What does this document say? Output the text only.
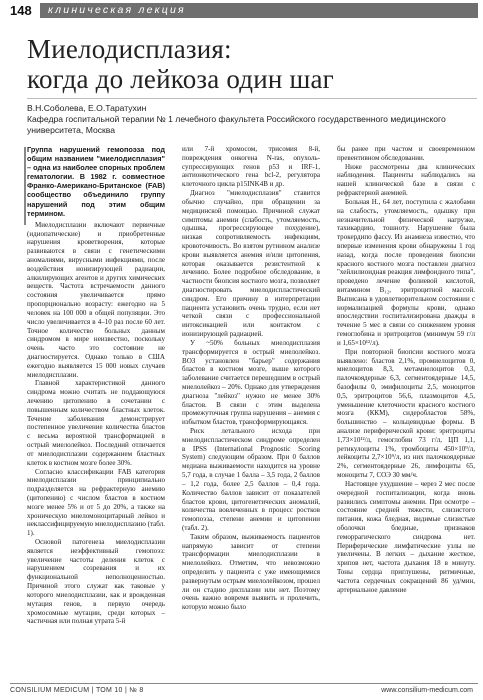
148	клиническая лекция
Миелодисплазия:
когда до лейкоза один шаг
В.Н.Соболева, Е.О.Таратухин
Кафедра госпитальной терапии № 1 лечебного факультета Российского государственного медицинского университета, Москва
Группа нарушений гемопоэза под общим названием "миелодисплазия" – одна из наиболее спорных проблем гематологии. В 1982 г. совместное Франко-Американо-Британское (FAB) сообщество объединило группу нарушений под этим общим термином.

Миелодисплазии включают первичные (идиопатические) и приобретенные нарушения кроветворения, которые развиваются в связи с генетическими аномалиями, вирусными инфекциями, после воздействия ионизирующей радиации, алкилирующих агентов и других химических веществ. Частота встречаемости данного состояния увеличивается прямо пропорционально возрасту: ежегодно на 5 человек на 100 000 в общей популяции. Это число увеличивается в 4–10 раз после 60 лет. Точное количество больных данным синдромом в мире неизвестно, поскольку очень часто это состояние не диагностируется. Однако только в США ежегодно выявляется 15 000 новых случаев миелодисплазии.

Главной характеристикой данного синдрома можно считать не поддающуюся лечению цитопению в сочетании с повышенным количеством бластных клеток. Течение заболевания демонстрирует постепенное увеличение количества бластов с весьма вероятной трансформацией в острый миелолейкоз. Последний отличается от миелодисплазии содержанием бластных клеток в костном мозге более 30%.

Согласно классификации FAB категория миелодисплазии принципиально подразделяется на рефрактерную анемию (цитопению) с числом бластов в костном мозге менее 5% и от 5 до 20%, а также на хроническую миеломоноцитарный лейкоз и неклассифицируемую миелодисплазию (табл. 1).

Основой патогенеза миелодисплазии является неэффективный гемопоэз: увеличение частоты деления клеток с нарушением созревания и их функциональной неполноценностью. Причиной этого служат как таковые у которого миелодисплазии, как и врожденная мутация генов, в первую очередь хромосомные мутации, среди которых – частичная или полная утрата 5-й

или 7-й хромосом, трисомия 8-й, повреждения онкогена N-ras, опухоль-супрессирующих генов p53 и IRF-1, антионкотического гена bcl-2, регулятора клеточного цикла p15INK4B и др.

Диагноз "миелодисплазия" ставится обычно случайно, при обращении за медицинской помощью. Причиной служат симптомы анемии (слабость, утомляемость, одышка, прогрессирующее похудение), низкая сопротивляемость инфекциям, кровоточивость. Во взятом рутинном анализе крови выявляется анемия и/или цитопения, которая оказывается резистентной к лечению. Более подробное обследование, в частности биопсия костного мозга, позволяет диагностировать миелодиспластический синдром. Его причину в интерпретации пациента установить очень трудно, если нет четкой связи с профессиональной интоксикацией или контактом с ионизирующей радиацией.

У ~50% больных миелодисплазия трансформируется в острый миелолейкоз. ВОЗ установлен "барьер" содержания бластов в костном мозге, выше которого заболевание считается перешедшим в острый миелолейкоз – 20%. Однако для утверждения диагноза "лейкоз" нужно не менее 30% бластов. В связи с этим выделена промежуточная группа нарушения – анемия с избытком бластов, трансформирующаяся.

Риск летального исхода при миелодиспластическом синдроме определен в IPSS (International Prognostic Scoring System) следующим образом. При 0 баллов медиана выживаемости находится на уровне 5,7 года, в случае 1 балла – 3,5 года, 2 баллов – 1,2 года, более 2,5 баллов – 0,4 года. Количество баллов зависит от показателей бластов крови, цитогенетических аномалий, количества вовлеченных в процесс ростков гемопоэза, степени анемии и цитопении (табл. 2).

Таким образом, выживаемость пациентов напрямую зависит от степени трансформации миелодисплазии в миелолейкоз. Отметим, что невозможно определить у пациента с уже имеющимися развернутым острым миелолейкозом, прошел ли он стадию дисплазии или нет. Поэтому очень важно вовремя выявить и пролечить, которую можно было

бы ранее при частом и своевременном превентивном обследовании.

Ниже рассмотрены два клинических наблюдения. Пациенты наблюдались на нашей клинической базе в связи с рефрактерной анемией.

Больная Н., 64 лет, поступила с жалобами на слабость, утомляемость, одышку при незначительной физической нагрузке, тахикардию, тошноту. Нарушение была трокердипо фассу. Из анамнеза известно, что впервые изменения крови обнаружены 1 год назад, когда после проведения биопсии красного костного мозга поставлен диагноз "хейлилиоидная реакция лимфоидного типа", проведено лечение фолиевой кислотой, витамином B₁₂, эритроцитной массой. Выписана в удовлетворительном состоянии с нормализацией формулы крови, однако впоследствии госпитализирована дважды в течение 5 мес в связи со снижением уровня гемоглобина и эритроцитов (минимум 59 г/л и 1,65×10¹²/л).

При повторной биопсии костного мозга выявлено: бластов 2,1%, промиелоцитов 0, миелоцитов 8,3, метамиелоцитов 0,3, палочкоядерные 6,3, сегментоядерные 14,5, базофилы 0, эмифилоциты 2,5, моноцитов 0,5, эритроцитов 56,6, плазмоцитов 4,5, уменьшение клеточности красного костного мозга (ККМ), сидеробластов 58%, большинство – кольцевидные формы. В анализе периферической крови: эритроциты 1,73×10¹²/л, гемоглобин 73 г/л, ЦП 1,1, ретикулоциты 1%, тромбоциты 450×10⁹/л, лейкоциты 2,7×10⁹/л, из них палочкоядерные 2%, сегментоядерные 26, лимфоциты 65, моноциты 7, СОЭ 30 мм/ч.

Настоящее ухудшение – через 2 мес после очередной госпитализации, когда вновь развились симптомы анемии. При осмотре – состояние средней тяжести, слизистого питания, кожа бледная, видимые слизистые оболочки бледные, признаков геморрагического синдрома нет. Периферические лимфатические узлы не увеличены. В легких – дыхание жесткое, хрипов нет, частота дыхания 18 в минуту. Тоны сердца приглушены, ритмичные, частота сердечных сокращений 86 уд/мин, артериальное давление

CONSILIUM MEDICUM | ТОМ 10 | № 8	www.consilium-medicum.com
